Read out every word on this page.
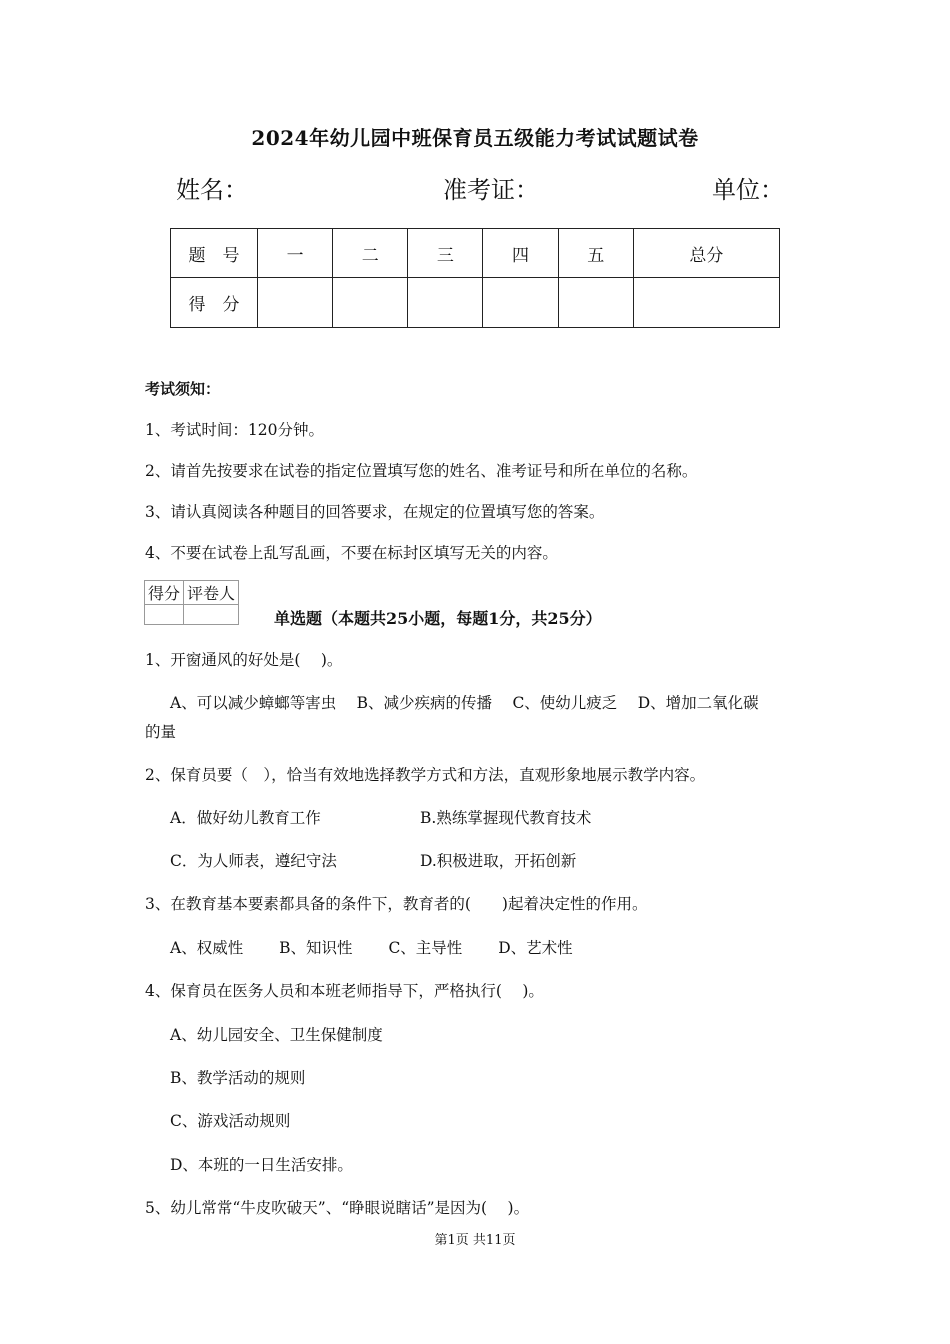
2024年幼儿园中班保育员五级能力考试试题试卷
姓名：	准考证：	单位：
题　号	一	二	三	四	五	总分
得　分						
考试须知：
1、考试时间：120分钟。
2、请首先按要求在试卷的指定位置填写您的姓名、准考证号和所在单位的名称。
3、请认真阅读各种题目的回答要求，在规定的位置填写您的答案。
4、不要在试卷上乱写乱画，不要在标封区填写无关的内容。
得分	评卷人

单选题（本题共25小题，每题1分，共25分）
1、开窗通风的好处是(　 )。
A、可以减少蟑螂等害虫　 B、减少疾病的传播　 C、使幼儿疲乏　 D、增加二氧化碳
的量
2、保育员要（　），恰当有效地选择教学方式和方法，直观形象地展示教学内容。
A．做好幼儿教育工作	B.熟练掌握现代教育技术
C．为人师表，遵纪守法	D.积极进取，开拓创新
3、在教育基本要素都具备的条件下，教育者的(　　)起着决定性的作用。
A、权威性　　 B、知识性　　 C、主导性　　 D、艺术性
4、保育员在医务人员和本班老师指导下，严格执行(　 )。
A、幼儿园安全、卫生保健制度
B、教学活动的规则
C、游戏活动规则
D、本班的一日生活安排。
5、幼儿常常“牛皮吹破天”、“睁眼说瞎话”是因为(　 )。
第1页 共11页
